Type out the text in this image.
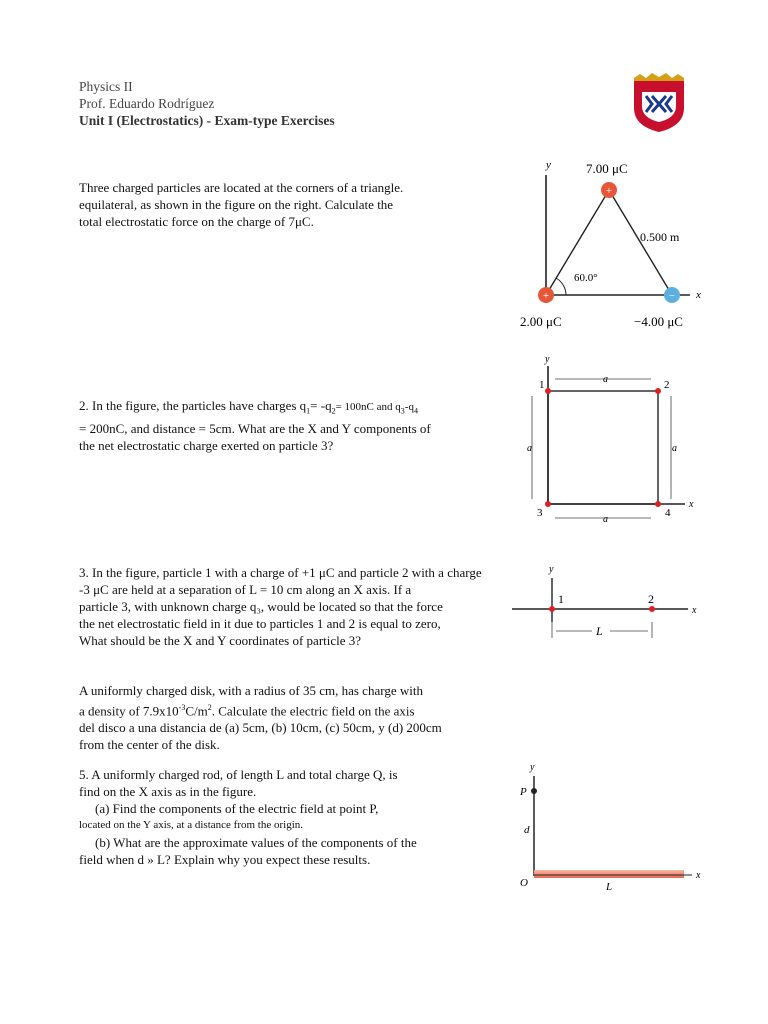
Physics II
Prof. Eduardo Rodríguez
Unit I (Electrostatics) - Exam-type Exercises
Three charged particles are located at the corners of a triangle.
equilateral, as shown in the figure on the right. Calculate the
total electrostatic force on the charge of 7μC.
y
x
60.0°
0.500 m
7.00 μC
+
+	−
2.00 μC	−4.00 μC
2. In the figure, the particles have charges $q_1= -q_2= 100nC$ and $q_3-q_4$
= 200nC, and distance = 5cm. What are the X and Y components of
the net electrostatic charge exerted on particle 3?
y
x
1	2
3	4
a
a
a	a
3. In the figure, particle 1 with a charge of +1 μC and particle 2 with a charge
-3 μC are held at a separation of L = 10 cm along an X axis. If a
particle 3, with unknown charge q₃, would be located so that the force
the net electrostatic field in it due to particles 1 and 2 is equal to zero,
What should be the X and Y coordinates of particle 3?
y
x
1	2
L
A uniformly charged disk, with a radius of 35 cm, has charge with
a density of $7.9x10^{-3}C/m^2$. Calculate the electric field on the axis
del disco a una distancia de (a) 5cm, (b) 10cm, (c) 50cm, y (d) 200cm
from the center of the disk.
5. A uniformly charged rod, of length L and total charge Q, is
find on the X axis as in the figure.
(a) Find the components of the electric field at point P,
located on the Y axis, at a distance from the origin.
(b) What are the approximate values of the components of the
field when d » L? Explain why you expect these results.
y
P
d
x
O	L
